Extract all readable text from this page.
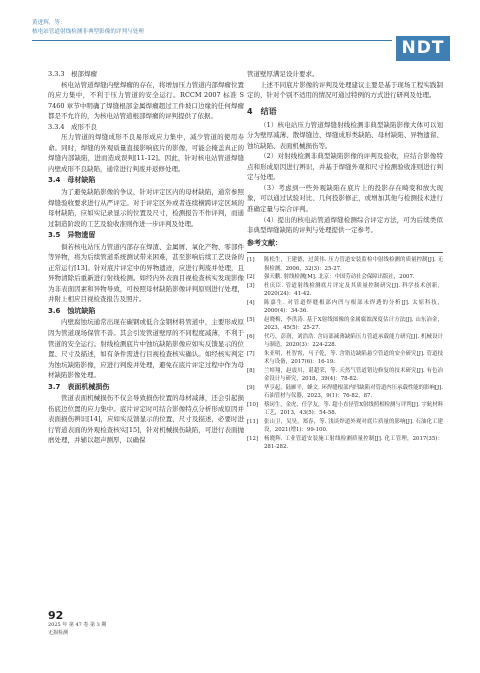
黄进辉，等：
核电站管道射线检测非典型影像的评判与处理
NDT
3.3.3　根部焊瘤
核电站管道焊缝内壁焊瘤的存在，将增加压力管道内部焊瘤位置的应力集中，不利于压力管道的安全运行。RCCM 2007 标准 S 7460 章节中明确了焊缝根部金属焊瘤超过工件坡口边缘的任何焊瘤都是不允许的，为核电站管道根部焊瘤的评判提供了依据。
3.3.4　成形不良
压力管道的焊缝成形不良易形成应力集中，减少管道的使用寿命。同时，焊缝的外观质量直接影响底片的影像，可能会掩盖真正的焊缝内部缺陷，进而造成误判[11-12]。因此，针对核电站管道焊缝内壁成形不良缺陷，通常进行判废并返修处理。
3.4　母材缺陷
为了避免缺陷影像的争议，针对评定区内的母材缺陷，通常参照焊缝验收要求进行从严评定。对于评定区外或者连续横跨评定区域的母材缺陷，应如实记录显示的位置及尺寸，检测报告不作评判，而通过制造阶段的工艺及验收准则作进一步评判及处理。
3.5　异物遗留
俱若核电站压力管道内部存在焊渣、金属屑、氧化产物、零部件等异物，将为后续管道系统测试带来困难，甚至影响后续工艺设备的正常运行[13]。针对底片评定中的异物遗迹，应进行判废并处理，且异物清除后重新进行射线检测。如经内外表面目视检查核实发现影像为非表面因素和异物导致，可按照母材缺陷影像评判原则进行处理，并附上相应目视检查报告及照片。
3.6　蚀坑缺陷
内壁腐蚀坑通常出现在碳钢或低合金钢材料管道中，主要形成原因为管道现场保管不善。其会引发管道壁厚的不同程度减薄，不利于管道的安全运行。射线检测底片中蚀坑缺陷影像应如实反馈显示的位置、尺寸及描述，如有条件需进行目视检查核实确认。如经核实判定为蚀坑缺陷影像，应进行判废并处理，避免在底片评定过程中作为母材缺陷影像处理。
3.7　表面机械损伤
管道表面机械损伤不仅会导致损伤位置的母材减薄，还会引起损伤底边位置的应力集中。底片评定时可结合影像特点分析形成原因并表面损伤辨识[14]，应如实反馈显示的位置、尺寸及描述，必要时进行管道表面的外观检查核实[15]，针对机械损伤缺陷，可进行表面抛磨处理，并辅以超声测厚，以确保
管道壁厚满足设计要求。
上述不同底片影像的评判及处理建议主要是基于现场工程实践制定的，针对个别不适用的情况可通过特例的方式进行研判及处理。
4　结语
（1）核电站压力管道焊缝射线检测非典型缺陷影像大体可以划分为壁厚减薄、散焊缝边、焊缝成形类缺陷、母材缺陷、异物遗留、蚀坑缺陷、表面机械损伤等。
（2）对射线检测非典型缺陷影像的评判及验收，应结合影像特点和形成原因进行辨识，并基于焊缝外观和尺寸检测验收准则进行判定与处理。
（3）考虑到一些外观缺陷在底片上的投影存在畸变和放大现象，可以通过试验对比、几何投影修正，或增加其他与检测技术进行准确定量与综合评判。
（4）提出的核电站管道焊缝检测综合评定方法，可为后续类似非典型焊缝缺陷的评判与处理提供一定参考。
参考文献：
[1]	陈松生，王建德，过黄伟. 压力管道安装监检中射线检测的质量控制[J]. 无损检测，2006，32(3)：25-27.
[2]	强天鹏. 射线检测[M]. 北京：中国劳动社会保障出版社，2007.
[3]	杜庆臣. 管道射线检测底片评定及其质量控制研究[J]. 科学技术创新，2020(24)：41-42.
[4]	陈嘉生. 对管道焊缝根部内凹与根部未焊透的分析[J]. 太原科技，2000(4)：34-36.
[5]	赵晓梅，李洪涛. 基于X射线图像的金属腐蚀深度估计方法[J]. 山东冶金，2023，45(5)：25-27.
[6]	代巧，彭润，刘浩浩. 含局部减薄缺陷压力管道承载能力研究[J]. 机械设计与制造，2020(3)：224-228.
[7]	朱亚明，杜智霄，马子乾，等. 含错边缺陷悬空管道的安全研究[J]. 管道技术与设备，2017(6)：16-19.
[8]	兰绰翔，赵震川，谌超荣，等. 天然气管道错边修复的技术研究[J]. 有色冶金设计与研究，2018，39(4)：78-82.
[9]	华亨起，陆雁平，蜂文. 环焊缝根部内凹缺陷对管道内压承载性能的影响[J]. 石油管材与仪器，2023，9(1)：76-82，87.
[10]	蔡闵生，金虎，任学友，等. 超小直径管X射线照相检测与评判[J]. 宇航材料工艺，2013，43(5)：54-58.
[11]	张山卫，吴昊，郑春，等. 浅谈焊道外观对底片质量的影响[J]. 石油化工建设，2021(增1)：99-100.
[12]	杨晓辉. 工业管道安装施工射线检测质量控制[J]. 化工管理，2017(35)：281-282.
92
2025 年 第 47 卷 第 3 期
无损检测
